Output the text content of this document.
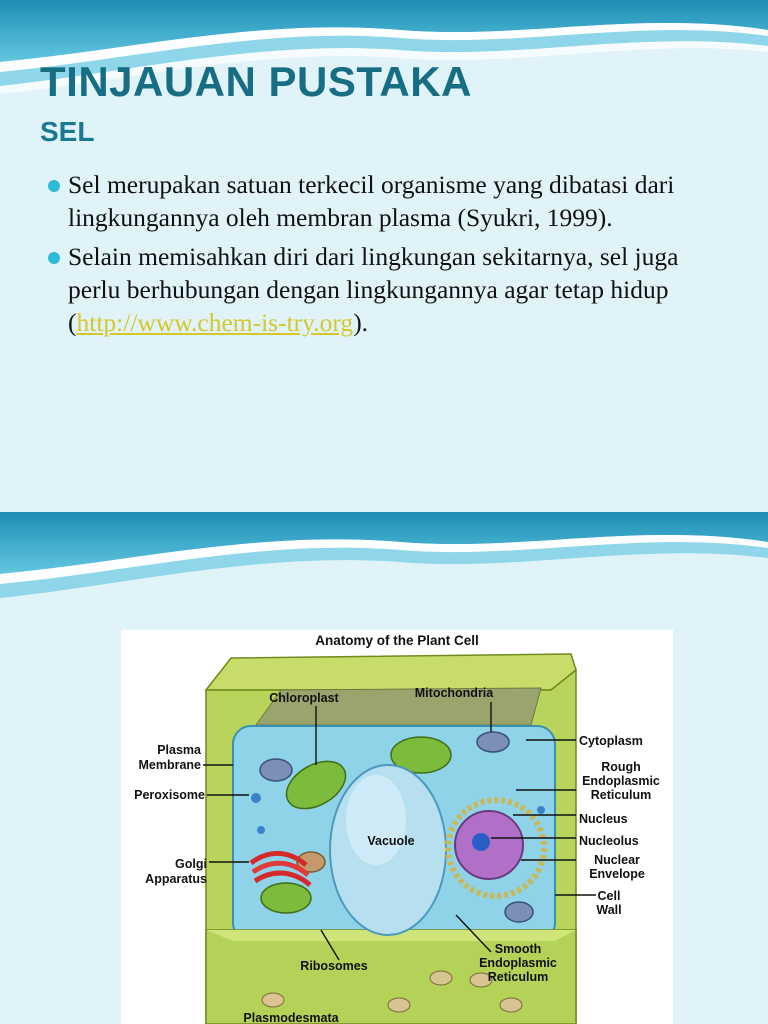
TINJAUAN PUSTAKA
SEL
Sel merupakan satuan terkecil organisme yang dibatasi dari lingkungannya oleh membran plasma (Syukri, 1999).
Selain memisahkan diri dari lingkungan sekitarnya, sel juga perlu berhubungan dengan lingkungannya agar tetap hidup (http://www.chem-is-try.org).
Anatomy of the Plant Cell
Chloroplast	Mitochondria
Plasma
Membrane
Peroxisome
Golgi
Apparatus
Vacuole
Cytoplasm
Rough
Endoplasmic
Reticulum
Nucleus
Nucleolus
Nuclear
Envelope
Cell
Wall
Ribosomes
Smooth
Endoplasmic
Reticulum
Plasmodesmata
